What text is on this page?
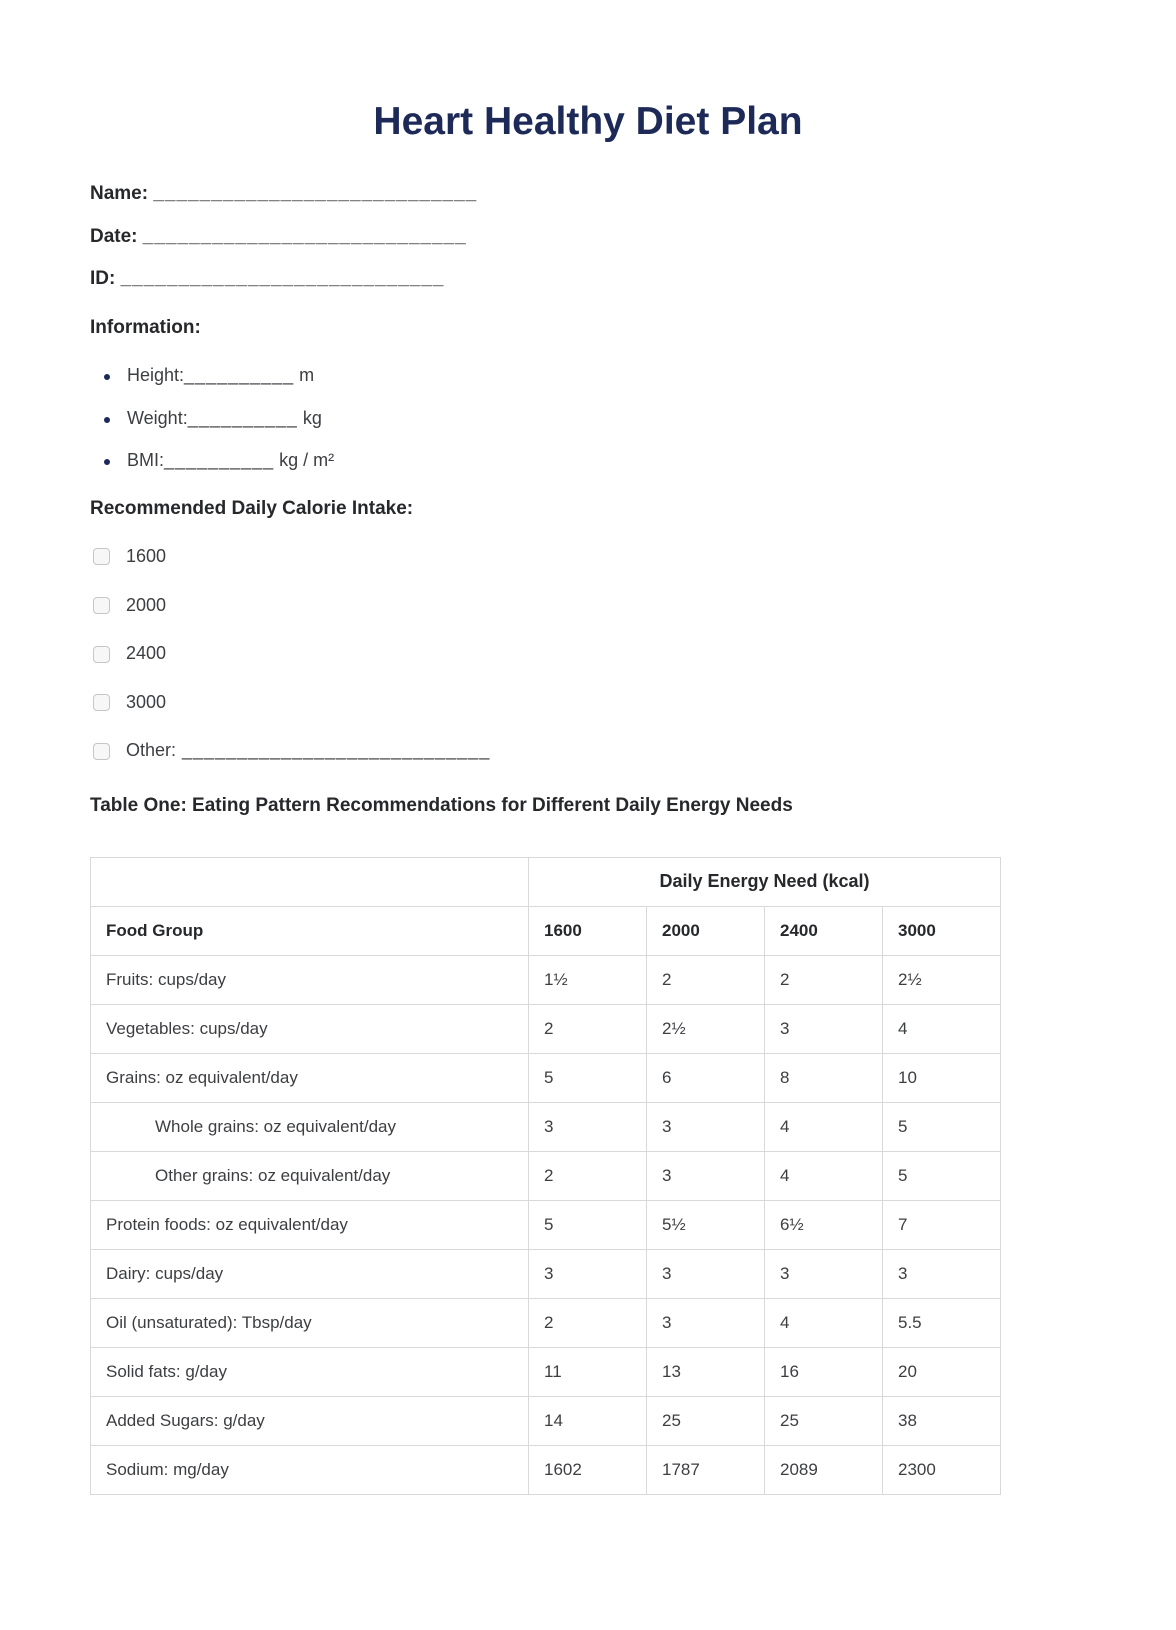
Heart Healthy Diet Plan
Name: ____________________________
Date: ____________________________
ID: ____________________________
Information:
Height: __________ m
Weight: __________ kg
BMI: __________ kg / m²
Recommended Daily Calorie Intake:
1600
2000
2400
3000
Other: ____________________________
Table One: Eating Pattern Recommendations for Different Daily Energy Needs
	Daily Energy Need (kcal)			
Food Group	1600	2000	2400	3000
Fruits: cups/day	1½	2	2	2½
Vegetables: cups/day	2	2½	3	4
Grains: oz equivalent/day	5	6	8	10
Whole grains: oz equivalent/day	3	3	4	5
Other grains: oz equivalent/day	2	3	4	5
Protein foods: oz equivalent/day	5	5½	6½	7
Dairy: cups/day	3	3	3	3
Oil (unsaturated): Tbsp/day	2	3	4	5.5
Solid fats: g/day	11	13	16	20
Added Sugars: g/day	14	25	25	38
Sodium: mg/day	1602	1787	2089	2300
